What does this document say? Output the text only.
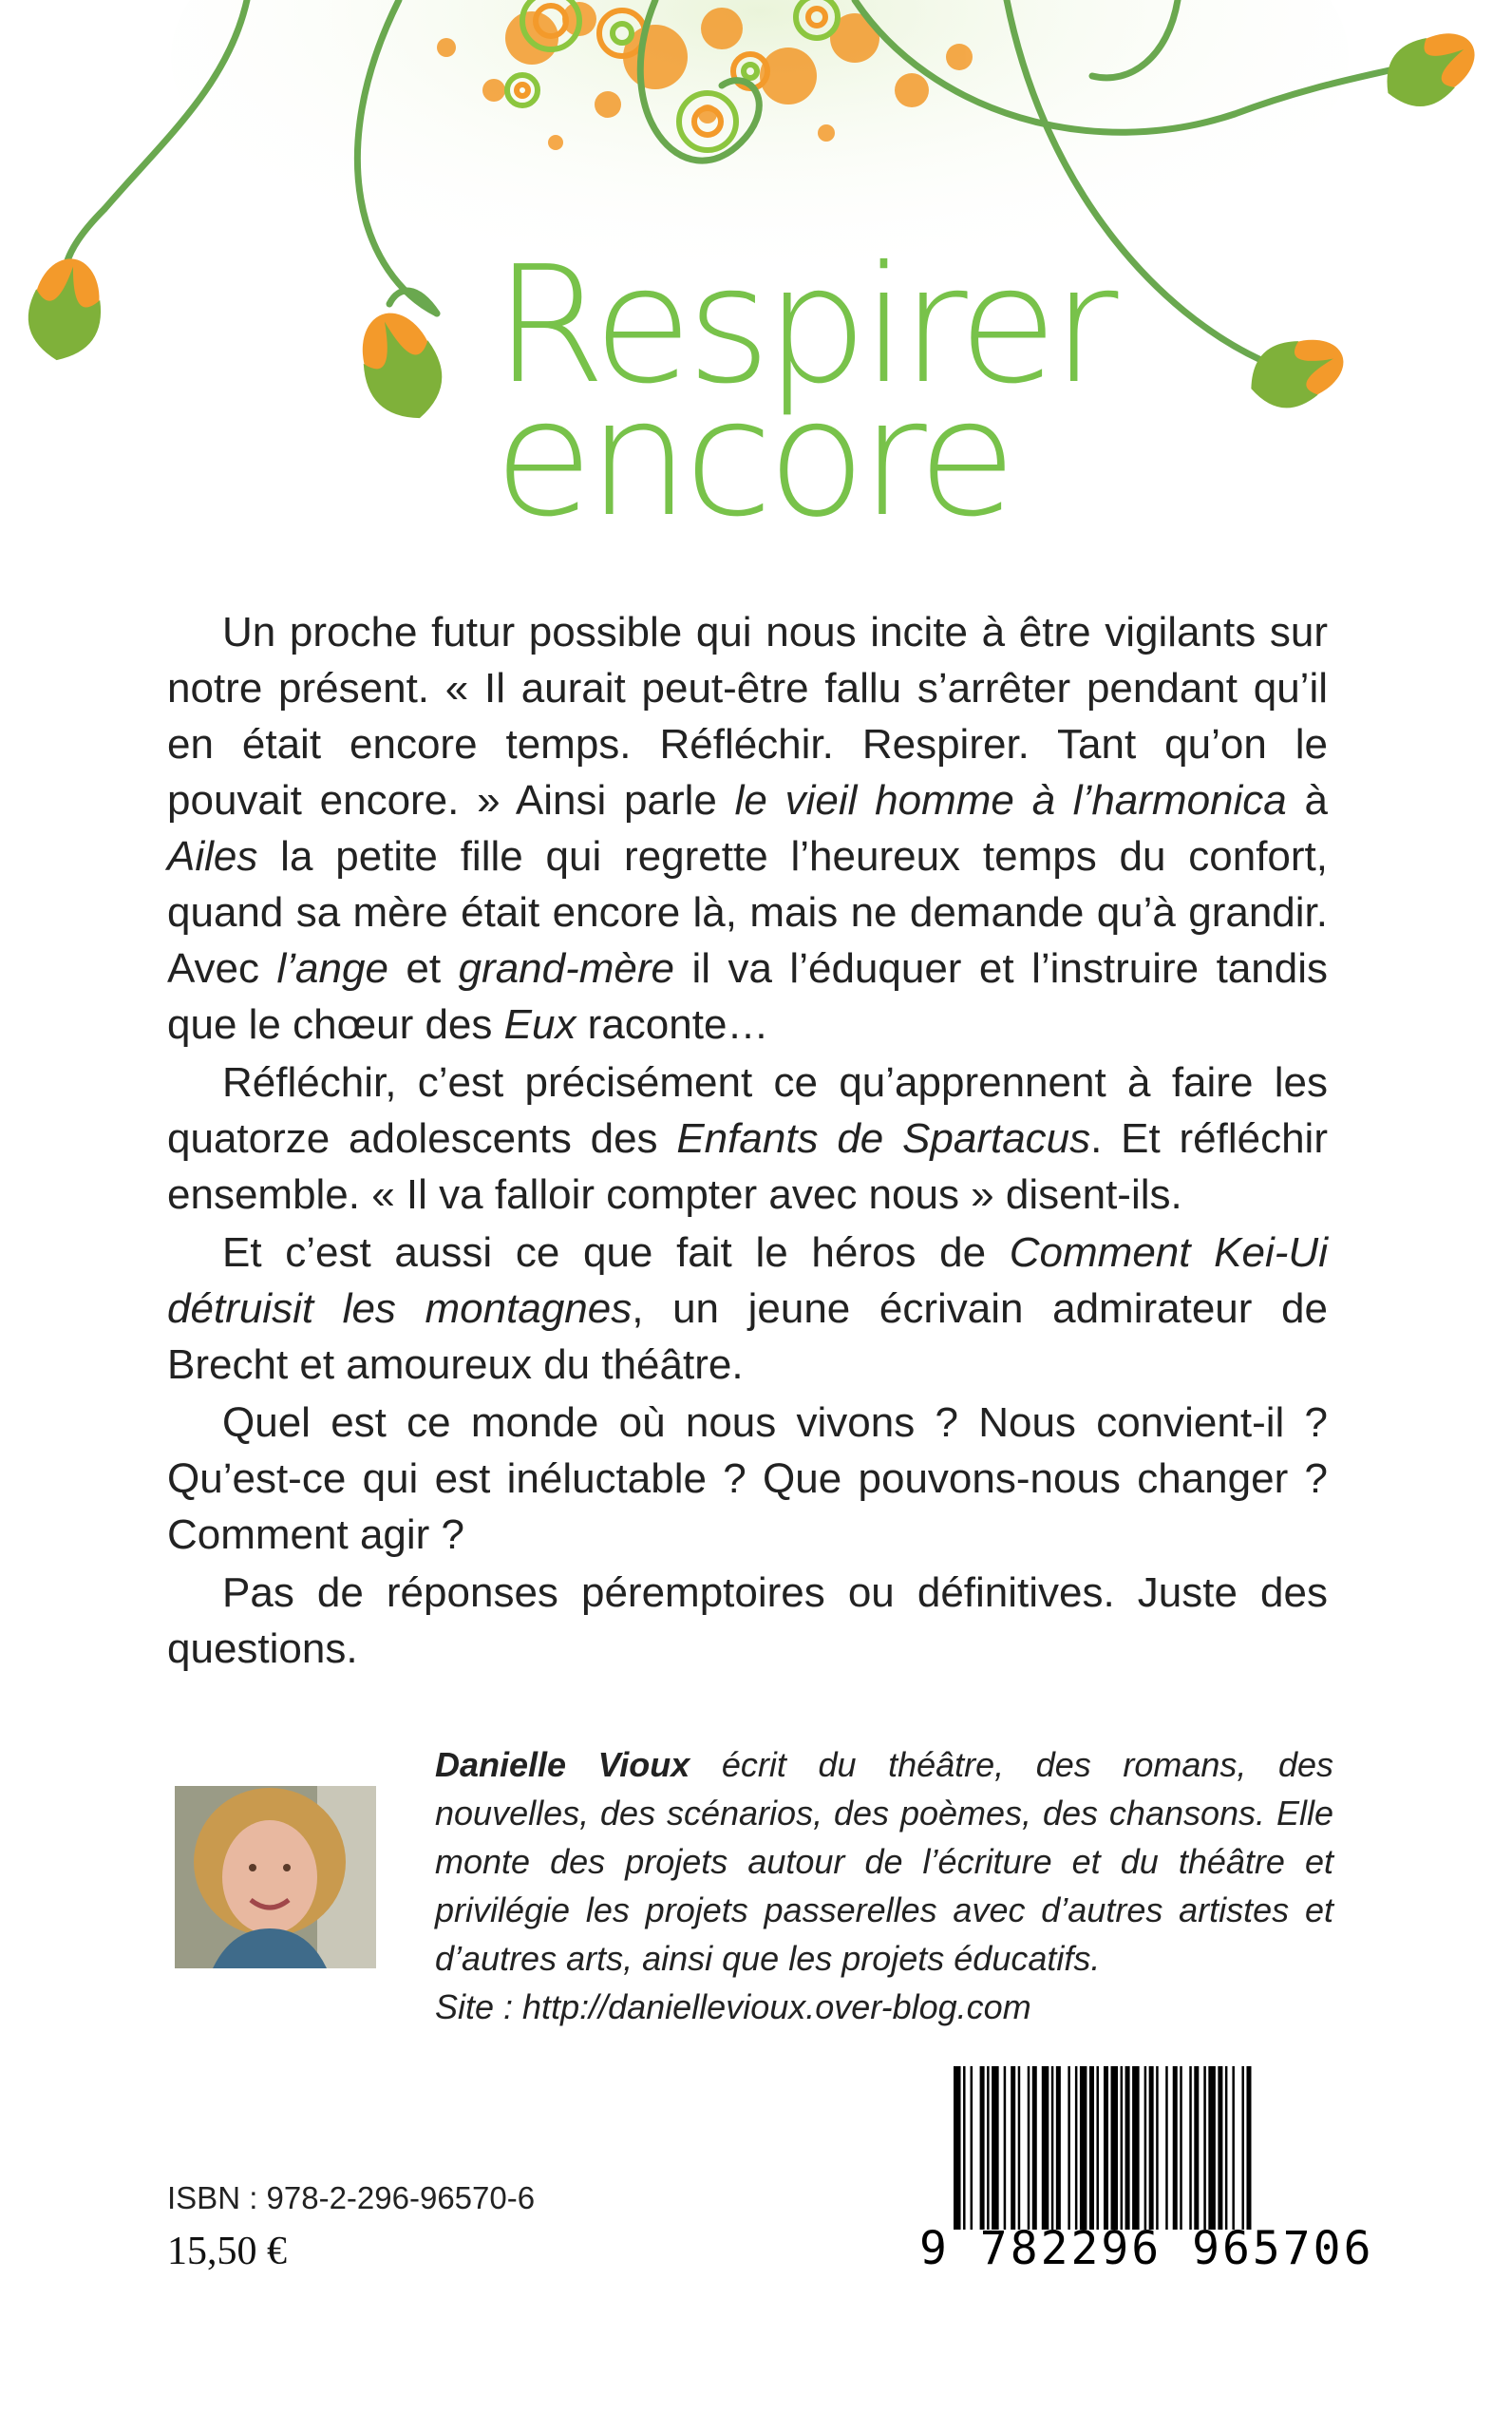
Respirer
encore

Un proche futur possible qui nous incite à être vigilants sur notre présent. « Il aurait peut-être fallu s’arrêter pendant qu’il en était encore temps. Réfléchir. Respirer. Tant qu’on le pouvait encore. » Ainsi parle le vieil homme à l’harmonica à Ailes la petite fille qui regrette l’heureux temps du confort, quand sa mère était encore là, mais ne demande qu’à grandir. Avec l’ange et grand-mère il va l’éduquer et l’instruire tandis que le chœur des Eux raconte…

Réfléchir, c’est précisément ce qu’apprennent à faire les quatorze adolescents des Enfants de Spartacus. Et réfléchir ensemble. « Il va falloir compter avec nous » disent-ils.

Et c’est aussi ce que fait le héros de Comment Kei-Ui détruisit les montagnes, un jeune écrivain admirateur de Brecht et amoureux du théâtre.

Quel est ce monde où nous vivons ? Nous convient-il ? Qu’est-ce qui est inéluctable ? Que pouvons-nous changer ? Comment agir ?

Pas de réponses péremptoires ou définitives. Juste des questions.

Danielle Vioux écrit du théâtre, des romans, des nouvelles, des scénarios, des poèmes, des chansons. Elle monte des projets autour de l’écriture et du théâtre et privilégie les projets passerelles avec d’autres artistes et d’autres arts, ainsi que les projets éducatifs.
Site : http://daniellevioux.over-blog.com
ISBN : 978-2-296-96570-6
15,50 €	9 782296 965706
